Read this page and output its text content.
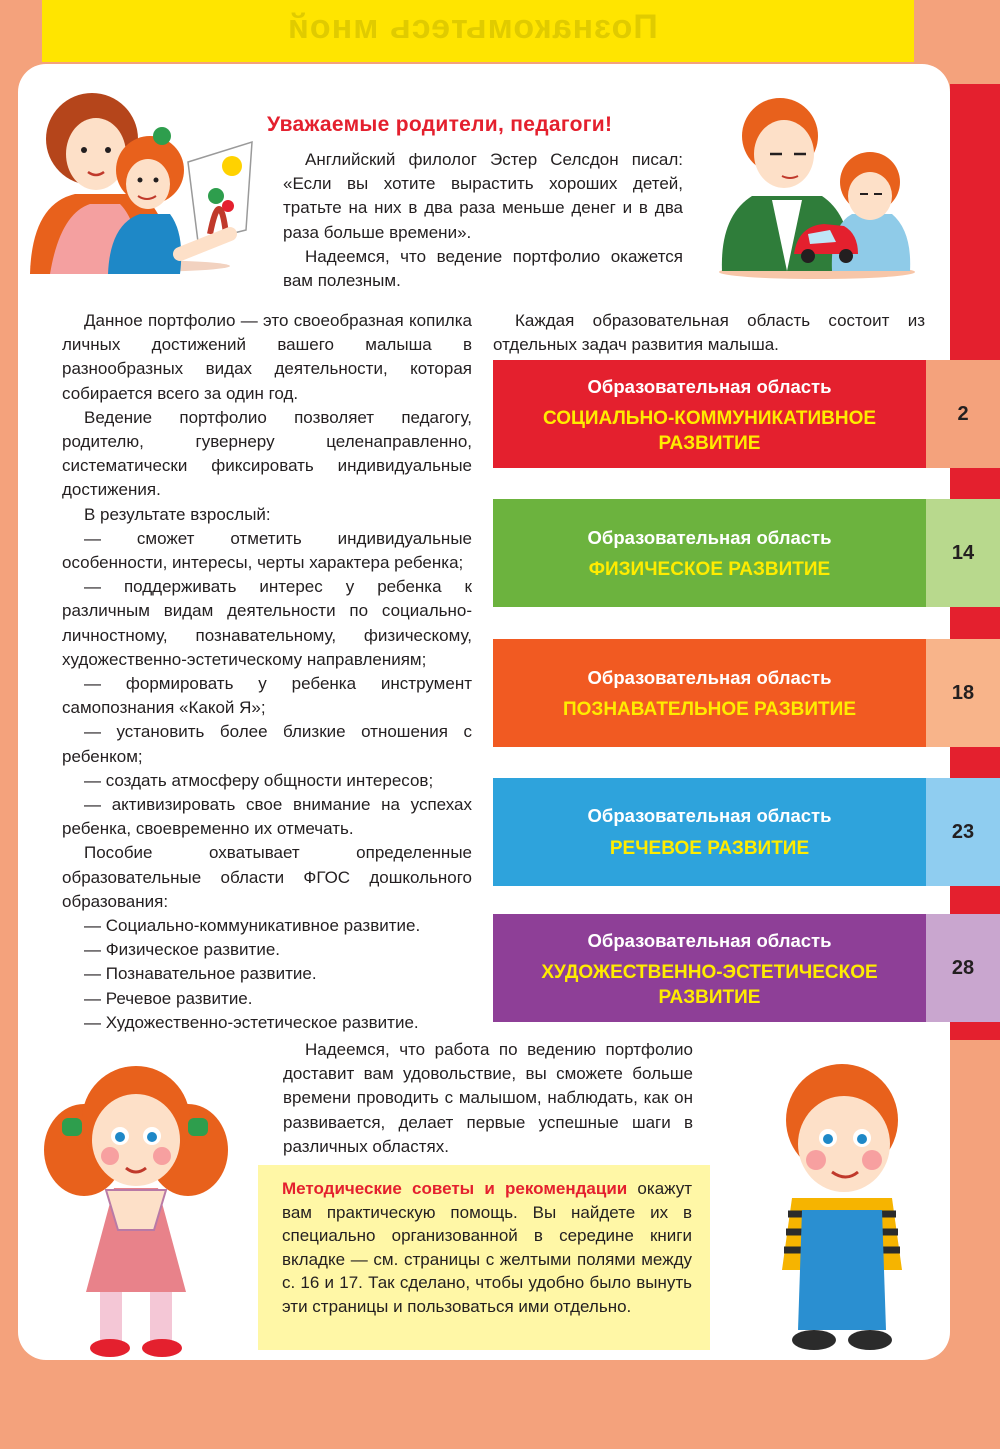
Познакомьтесь мной
Уважаемые родители, педагоги!

Английский филолог Эстер Селсдон писал: «Если вы хотите вырастить хороших детей, тратьте на них в два раза меньше денег и в два раза больше времени».

Надеемся, что ведение портфолио окажется вам полезным.

Данное портфолио — это своеобразная копилка личных достижений вашего малыша в разнообразных видах деятельности, которая собирается всего за один год.

Ведение портфолио позволяет педагогу, родителю, гувернеру целенаправленно, систематически фиксировать индивидуальные достижения.

В результате взрослый:

— сможет отметить индивидуальные особенности, интересы, черты характера ребенка;

— поддерживать интерес у ребенка к различным видам деятельности по социально-личностному, познавательному, физическому, художественно-эстетическому направлениям;

— формировать у ребенка инструмент самопознания «Какой Я»;

— установить более близкие отношения с ребенком;

— создать атмосферу общности интересов;

— активизировать свое внимание на успехах ребенка, своевременно их отмечать.

Пособие охватывает определенные образовательные области ФГОС дошкольного образования:

— Социально-коммуникативное развитие.

— Физическое развитие.

— Познавательное развитие.

— Речевое развитие.

— Художественно-эстетическое развитие.

Каждая образовательная область состоит из отдельных задач развития малыша.

Образовательная область
СОЦИАЛЬНО-КОММУНИКАТИВНОЕ
РАЗВИТИЕ
2
Образовательная область
ФИЗИЧЕСКОЕ РАЗВИТИЕ
14
Образовательная область
ПОЗНАВАТЕЛЬНОЕ РАЗВИТИЕ
18
Образовательная область
РЕЧЕВОЕ РАЗВИТИЕ
23
Образовательная область
ХУДОЖЕСТВЕННО-ЭСТЕТИЧЕСКОЕ
РАЗВИТИЕ
28

Надеемся, что работа по ведению портфолио доставит вам удовольствие, вы сможете больше времени проводить с малышом, наблюдать, как он развивается, делает первые успешные шаги в различных областях.

Методические советы и рекомендации окажут вам практическую помощь. Вы найдете их в специально организованной в середине книги вкладке — см. страницы с желтыми полями между с. 16 и 17. Так сделано, чтобы удобно было вынуть эти страницы и пользоваться ими отдельно.
